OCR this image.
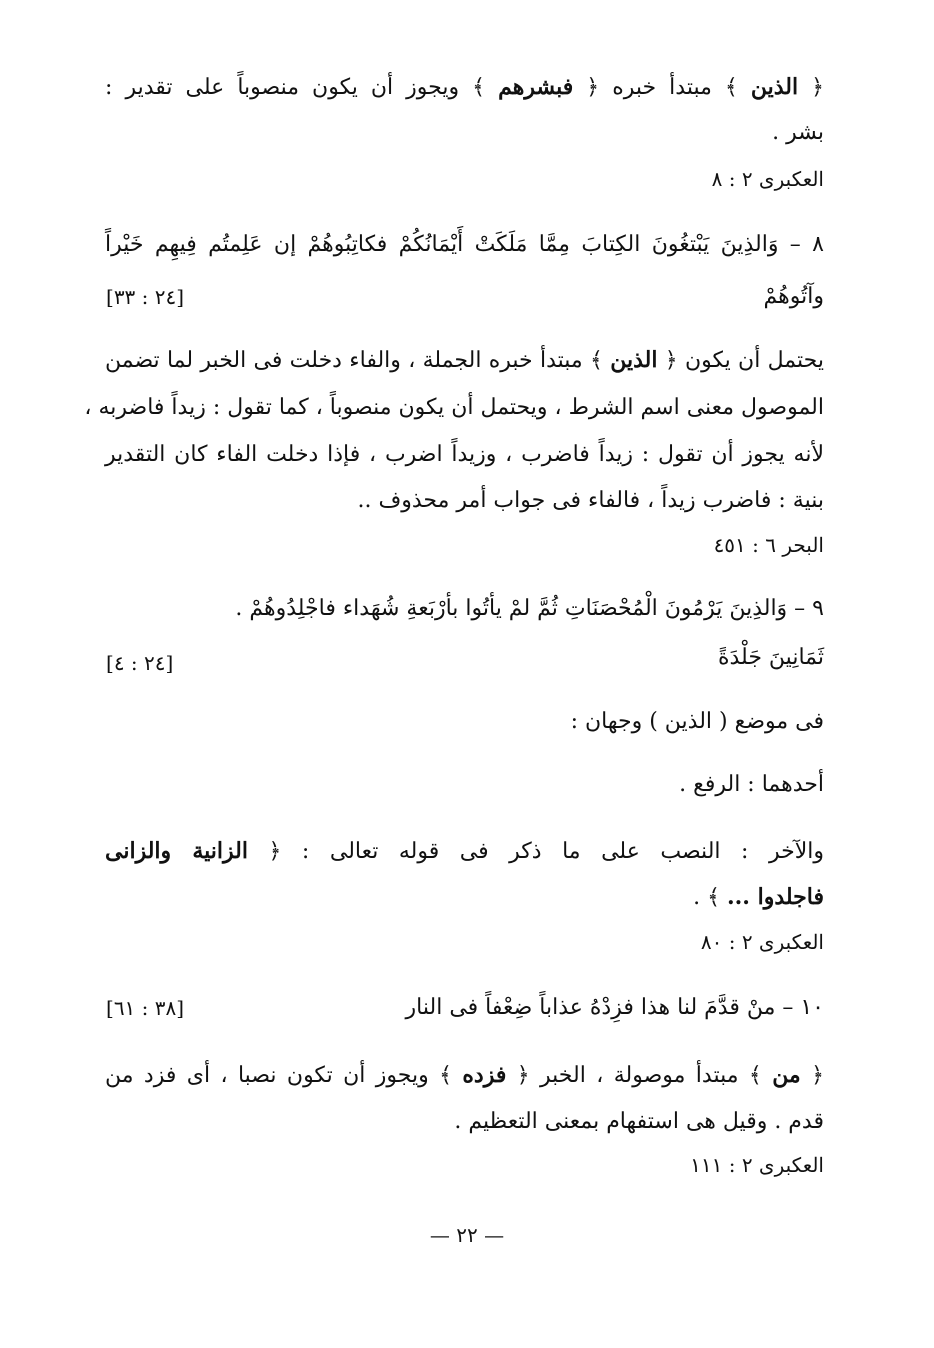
﴿ الذين ﴾ مبتدأ خبره ﴿ فبشرهم ﴾ ويجوز أن يكون منصوباً على تقدير :
بشر .
العكبرى ٢ : ٨
٨ – وَالذِينَ يَبْتغُونَ الكِتابَ مِمَّا مَلَكَتْ أَيْمَانُكُمْ فكاتِبُوهُمْ إن عَلِمتُم فِيهِم خَيْراً
وآتُوهُمْ
[٢٤ : ٣٣]
يحتمل أن يكون ﴿ الذين ﴾ مبتدأ خبره الجملة ، والفاء دخلت فى الخبر لما تضمن
الموصول معنى اسم الشرط ، ويحتمل أن يكون منصوباً ، كما تقول : زيداً فاضربه ،
لأنه يجوز أن تقول : زيداً فاضرب ، وزيداً اضرب ، فإذا دخلت الفاء كان التقدير
بنية : فاضرب زيداً ، فالفاء فى جواب أمر محذوف ..
البحر ٦ : ٤٥١
٩ – وَالذِينَ يَرْمُونَ الْمُحْصَنَاتِ ثُمَّ لمْ يأتُوا بأرْبَعةِ شُهَداء فاجْلِدُوهُمْ .
ثَمَانِينَ جَلْدَةً
[٢٤ : ٤]
فى موضع ( الذين ) وجهان :
أحدهما : الرفع .
والآخر : النصب على ما ذكر فى قوله تعالى : ﴿ الزانية والزانى
فاجلدوا ... ﴾ .
العكبرى ٢ : ٨٠
١٠ – منْ قدَّمَ لنا هذا فزِدْهُ عذاباً ضِعْفاً فى النار
[٣٨ : ٦١]
﴿ من ﴾ مبتدأ موصولة ، الخبر ﴿ فزده ﴾ ويجوز أن تكون نصبا ، أى فزد من
قدم . وقيل هى استفهام بمعنى التعظيم .
العكبرى ٢ : ١١١
— ٢٢ —
